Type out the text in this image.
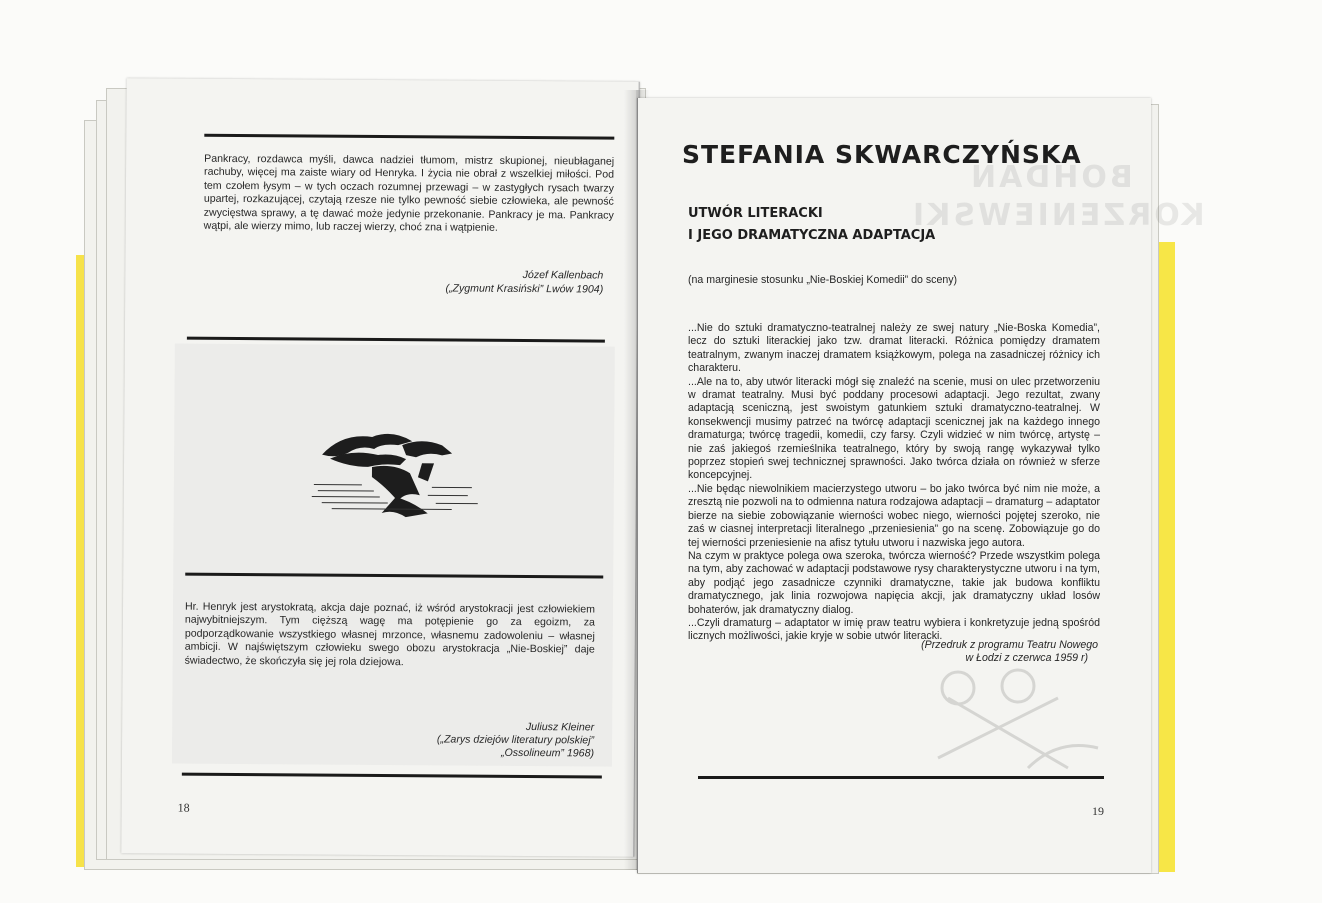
Pankracy, rozdawca myśli, dawca nadziei tłumom, mistrz skupionej, nieubłaganej rachuby, więcej ma zaiste wiary od Henryka. I życia nie obrał z wszelkiej miłości. Pod tem czołem łysym – w tych oczach rozumnej przewagi – w zastygłych rysach twarzy upartej, rozkazującej, czytają rzesze nie tylko pewność siebie człowieka, ale pewność zwycięstwa sprawy, a tę dawać może jedynie przekonanie. Pankracy je ma. Pankracy wątpi, ale wierzy mimo, lub raczej wierzy, choć zna i wątpienie.

Józef Kallenbach

(„Zygmunt Krasiński” Lwów 1904)

Hr. Henryk jest arystokratą, akcja daje poznać, iż wśród arystokracji jest człowiekiem najwybitniejszym. Tym cięższą wagę ma potępienie go za egoizm, za podporządkowanie wszystkiego własnej mrzonce, własnemu zadowoleniu – własnej ambicji. W najświętszym człowieku swego obozu arystokracja „Nie-Boskiej” daje świadectwo, że skończyła się jej rola dziejowa.

Juliusz Kleiner

(„Zarys dziejów literatury polskiej”

„Ossolineum” 1968)

18
BOHDAN
KORZENIEWSKI
STEFANIA SKWARCZYŃSKA
UTWÓR LITERACKI
I JEGO DRAMATYCZNA ADAPTACJA

(na marginesie stosunku „Nie-Boskiej Komedii” do sceny)

...Nie do sztuki dramatyczno-teatralnej należy ze swej natury „Nie-Boska Komedia”, lecz do sztuki literackiej jako tzw. dramat literacki. Różnica pomiędzy dramatem teatralnym, zwanym inaczej dramatem książkowym, polega na zasadniczej różnicy ich charakteru.
...Ale na to, aby utwór literacki mógł się znaleźć na scenie, musi on ulec przetworzeniu w dramat teatralny. Musi być poddany procesowi adaptacji. Jego rezultat, zwany adaptacją sceniczną, jest swoistym gatunkiem sztuki dramatyczno-teatralnej. W konsekwencji musimy patrzeć na twórcę adaptacji scenicznej jak na każdego innego dramaturga; twórcę tragedii, komedii, czy farsy. Czyli widzieć w nim twórcę, artystę – nie zaś jakiegoś rzemieślnika teatralnego, który by swoją rangę wykazywał tylko poprzez stopień swej technicznej sprawności. Jako twórca działa on również w sferze koncepcyjnej.
...Nie będąc niewolnikiem macierzystego utworu – bo jako twórca być nim nie może, a zresztą nie pozwoli na to odmienna natura rodzajowa adaptacji – dramaturg – adaptator bierze na siebie zobowiązanie wierności wobec niego, wierności pojętej szeroko, nie zaś w ciasnej interpretacji literalnego „przeniesienia” go na scenę. Zobowiązuje go do tej wierności przeniesienie na afisz tytułu utworu i nazwiska jego autora.
Na czym w praktyce polega owa szeroka, twórcza wierność? Przede wszystkim polega na tym, aby zachować w adaptacji podstawowe rysy charakterystyczne utworu i na tym, aby podjąć jego zasadnicze czynniki dramatyczne, takie jak budowa konfliktu dramatycznego, jak linia rozwojowa napięcia akcji, jak dramatyczny układ losów bohaterów, jak dramatyczny dialog.
...Czyli dramaturg – adaptator w imię praw teatru wybiera i konkretyzuje jedną spośród licznych możliwości, jakie kryje w sobie utwór literacki.

(Przedruk z programu Teatru Nowego

w Łodzi z czerwca 1959 r)

19
